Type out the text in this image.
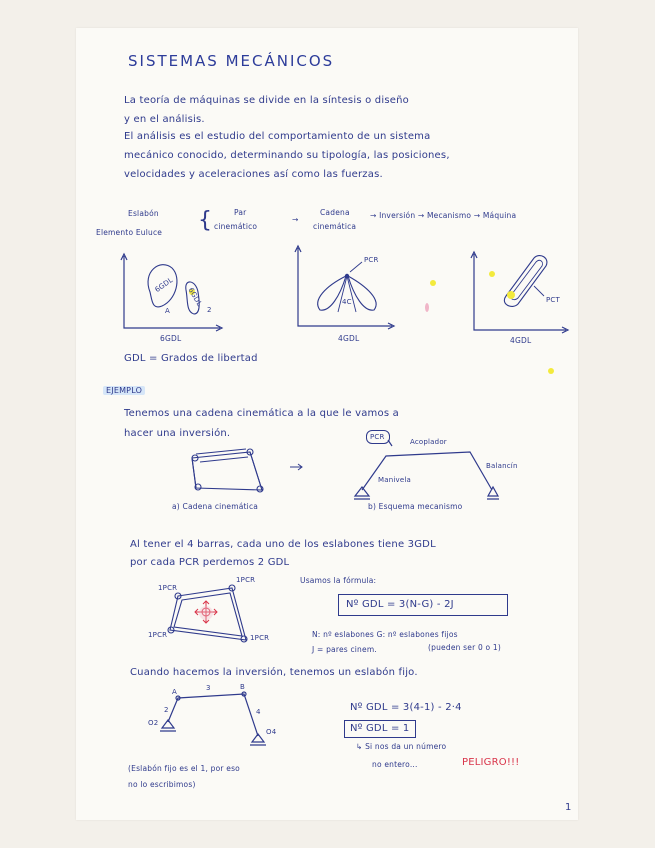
SISTEMAS MECÁNICOS
La teoría de máquinas se divide en la síntesis o diseño
y en el análisis.
El análisis es el estudio del comportamiento de un sistema
mecánico conocido, determinando su tipología, las posiciones,
velocidades y aceleraciones así como las fuerzas.
Eslabón
Elemento Euluce {	Par
cinemático
→
Cadena
cinemática
→ Inversión → Mecanismo → Máquina
6GDL
6GDL
A	2
6GDL
PCR
4C
4GDL
PCT
4GDL
GDL = Grados de libertad
EJEMPLO
Tenemos una cadena cinemática a la que le vamos a
hacer una inversión.	PCR
Acoplador
Balancín
Manivela
a) Cadena cinemática	b) Esquema mecanismo
Al tener el 4 barras, cada uno de los eslabones tiene 3GDL
por cada PCR perdemos 2 GDL
1PCR
1PCR
1PCR	1PCR
Usamos la fórmula:
Nº GDL = 3(N-G) - 2J
N: nº eslabones G: nº eslabones fijos
(pueden ser 0 o 1)
J = pares cinem.
Cuando hacemos la inversión, tenemos un eslabón fijo.
A	3	B
2	4
O2
O4
Nº GDL = 3(4-1) - 2·4
Nº GDL = 1
↳ Si nos da un número
no entero...	PELIGRO!!!
(Eslabón fijo es el 1, por eso
no lo escribimos)
1
